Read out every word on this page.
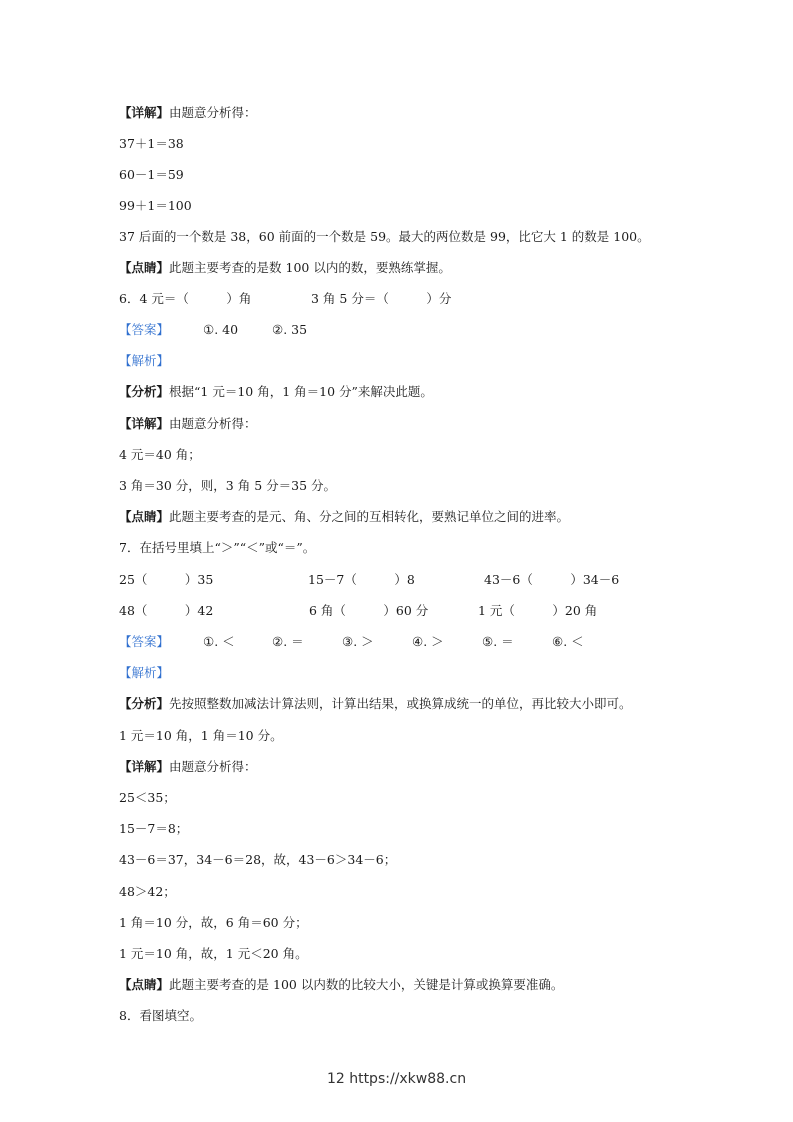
【详解】由题意分析得：
37＋1＝38
60－1＝59
99＋1＝100
37 后面的一个数是 38，60 前面的一个数是 59。最大的两位数是 99，比它大 1 的数是 100。
【点睛】此题主要考查的是数 100 以内的数，要熟练掌握。
6．4 元＝（　　　）角	3 角 5 分＝（　　　）分
【答案】	①. 40	②. 35
【解析】
【分析】根据“1 元＝10 角，1 角＝10 分”来解决此题。
【详解】由题意分析得：
4 元＝40 角；
3 角＝30 分，则，3 角 5 分＝35 分。
【点睛】此题主要考查的是元、角、分之间的互相转化，要熟记单位之间的进率。
7．在括号里填上“＞”“＜”或“＝”。
25（　　　）35	15－7（　　　）8	43－6（　　　）34－6
48（　　　）42	6 角（　　　）60 分	1 元（　　　）20 角
【答案】	①. ＜	②. ＝	③. ＞	④. ＞	⑤. ＝	⑥. ＜
【解析】
【分析】先按照整数加减法计算法则，计算出结果，或换算成统一的单位，再比较大小即可。
1 元＝10 角，1 角＝10 分。
【详解】由题意分析得：
25＜35；
15－7＝8；
43－6＝37，34－6＝28，故，43－6＞34－6；
48＞42；
1 角＝10 分，故，6 角＝60 分；
1 元＝10 角，故，1 元＜20 角。
【点睛】此题主要考查的是 100 以内数的比较大小，关键是计算或换算要准确。
8．看图填空。
12 https://xkw88.cn
